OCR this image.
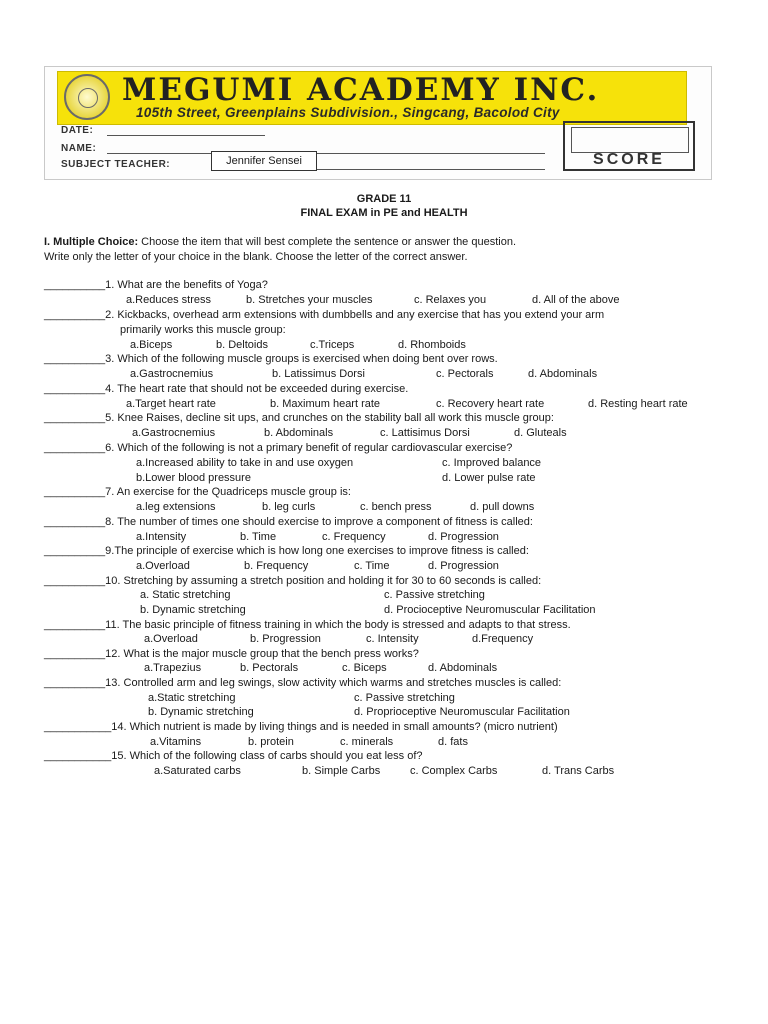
MEGUMI ACADEMY INC.
105th Street, Greenplains Subdivision., Singcang, Bacolod City
DATE:
NAME:
SUBJECT TEACHER:	Jennifer Sensei	SCORE
GRADE 11
FINAL EXAM in PE and HEALTH
I. Multiple Choice: Choose the item that will best complete the sentence or answer the question.
Write only the letter of your choice in the blank. Choose the letter of the correct answer.
__________1. What are the benefits of Yoga?
a.Reduces stress	b. Stretches your muscles	c. Relaxes you	d. All of the above
__________2. Kickbacks, overhead arm extensions with dumbbells and any exercise that has you extend your arm
primarily works this muscle group:
a.Biceps	b. Deltoids	c.Triceps	d. Rhomboids
__________3. Which of the following muscle groups is exercised when doing bent over rows.
a.Gastrocnemius	b. Latissimus Dorsi	c. Pectorals	d. Abdominals
__________4. The heart rate that should not be exceeded during exercise.
a.Target heart rate	b. Maximum heart rate	c. Recovery heart rate	d. Resting heart rate
__________5. Knee Raises, decline sit ups, and crunches on the stability ball all work this muscle group:
a.Gastrocnemius	b. Abdominals	c. Lattisimus Dorsi	d. Gluteals
__________6. Which of the following is not a primary benefit of regular cardiovascular exercise?
a.Increased ability to take in and use oxygen	c. Improved balance
b.Lower blood pressure	d. Lower pulse rate
__________7. An exercise for the Quadriceps muscle group is:
a.leg extensions	b. leg curls	c. bench press	d. pull downs
__________8. The number of times one should exercise to improve a component of fitness is called:
a.Intensity	b. Time	c. Frequency	d. Progression
__________9.The principle of exercise which is how long one exercises to improve fitness is called:
a.Overload	b. Frequency	c. Time	d. Progression
__________10. Stretching by assuming a stretch position and holding it for 30 to 60 seconds is called:
a. Static stretching	c. Passive stretching
b. Dynamic stretching	d. Procioceptive Neuromuscular Facilitation
__________11. The basic principle of fitness training in which the body is stressed and adapts to that stress.
a.Overload	b. Progression	c. Intensity	d.Frequency
__________12. What is the major muscle group that the bench press works?
a.Trapezius	b. Pectorals	c. Biceps	d. Abdominals
__________13. Controlled arm and leg swings, slow activity which warms and stretches muscles is called:
a.Static stretching	c. Passive stretching
b. Dynamic stretching	d. Proprioceptive Neuromuscular Facilitation
___________14. Which nutrient is made by living things and is needed in small amounts? (micro nutrient)
a.Vitamins	b. protein	c. minerals	d. fats
___________15. Which of the following class of carbs should you eat less of?
a.Saturated carbs	b. Simple Carbs	c. Complex Carbs	d. Trans Carbs
